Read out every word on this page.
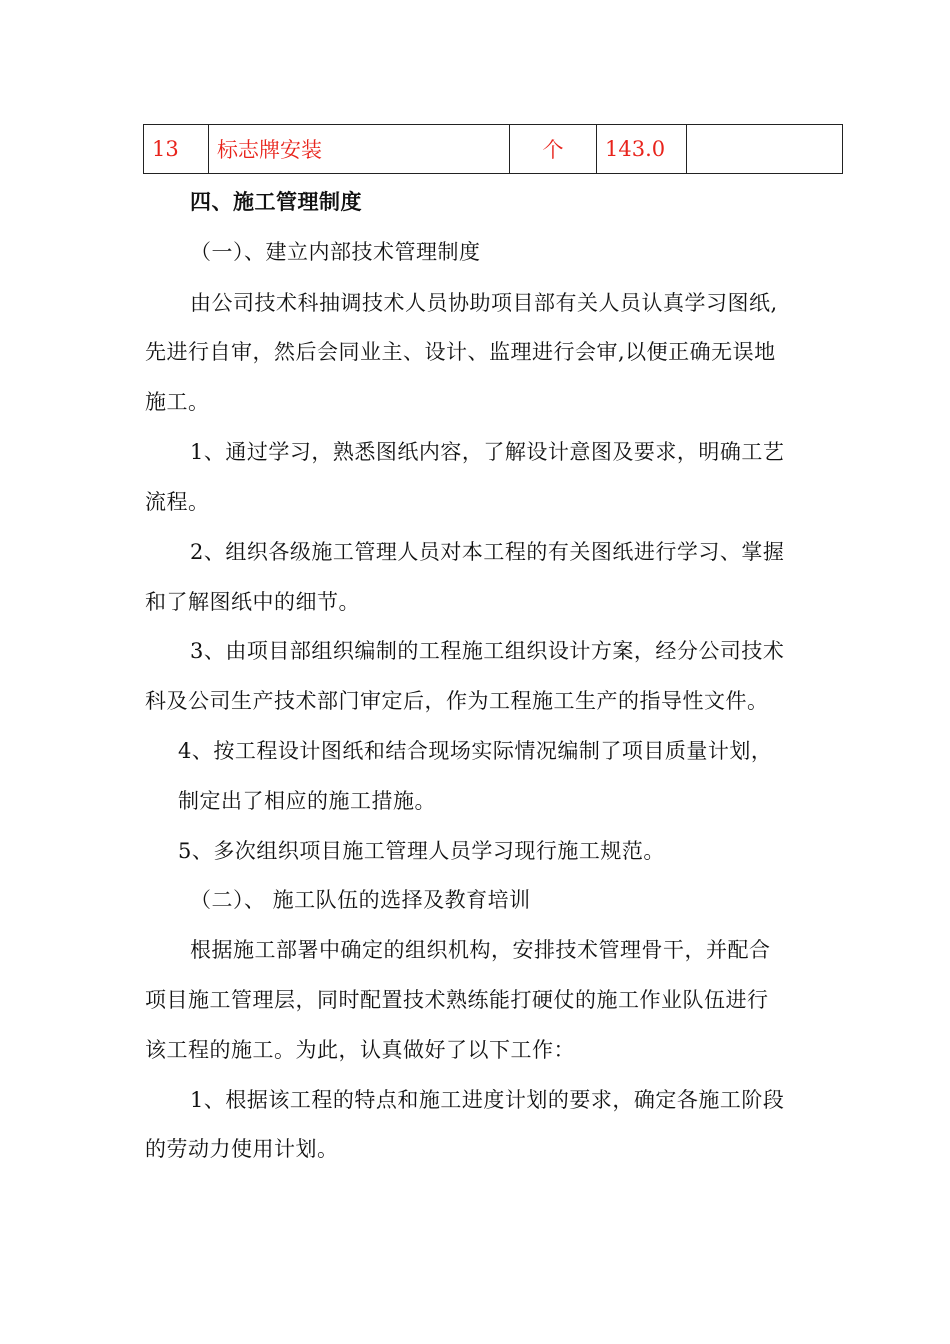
13	标志牌安装	个	143.0	
四、施工管理制度
（一）、建立内部技术管理制度
由公司技术科抽调技术人员协助项目部有关人员认真学习图纸,
先进行自审，然后会同业主、设计、监理进行会审,以便正确无误地
施工。
1、通过学习，熟悉图纸内容，了解设计意图及要求，明确工艺
流程。
2、组织各级施工管理人员对本工程的有关图纸进行学习、掌握
和了解图纸中的细节。
3、由项目部组织编制的工程施工组织设计方案，经分公司技术
科及公司生产技术部门审定后，作为工程施工生产的指导性文件。
4、按工程设计图纸和结合现场实际情况编制了项目质量计划，
制定出了相应的施工措施。
5、多次组织项目施工管理人员学习现行施工规范。
（二）、 施工队伍的选择及教育培训
根据施工部署中确定的组织机构，安排技术管理骨干，并配合
项目施工管理层，同时配置技术熟练能打硬仗的施工作业队伍进行
该工程的施工。为此，认真做好了以下工作：
1、根据该工程的特点和施工进度计划的要求，确定各施工阶段
的劳动力使用计划。
